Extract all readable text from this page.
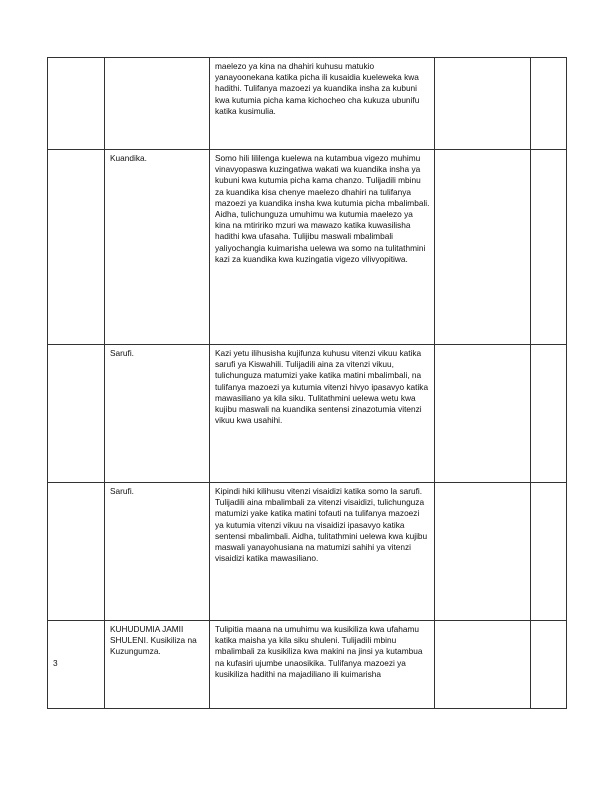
		maelezo ya kina na dhahiri kuhusu matukio yanayoonekana katika picha ili kusaidia kueleweka kwa hadithi. Tulifanya mazoezi ya kuandika insha za kubuni kwa kutumia picha kama kichocheo cha kukuza ubunifu katika kusimulia.		
	Kuandika.	Somo hili lililenga kuelewa na kutambua vigezo muhimu vinavyopaswa kuzingatiwa wakati wa kuandika insha ya kubuni kwa kutumia picha kama chanzo. Tulijadili mbinu za kuandika kisa chenye maelezo dhahiri na tulifanya mazoezi ya kuandika insha kwa kutumia picha mbalimbali. Aidha, tulichunguza umuhimu wa kutumia maelezo ya kina na mtiririko mzuri wa mawazo katika kuwasilisha hadithi kwa ufasaha. Tulijibu maswali mbalimbali yaliyochangia kuimarisha uelewa wa somo na tulitathmini kazi za kuandika kwa kuzingatia vigezo vilivyopitiwa.		
	Sarufi.	Kazi yetu ilihusisha kujifunza kuhusu vitenzi vikuu katika sarufi ya Kiswahili. Tulijadili aina za vitenzi vikuu, tulichunguza matumizi yake katika matini mbalimbali, na tulifanya mazoezi ya kutumia vitenzi hivyo ipasavyo katika mawasiliano ya kila siku. Tulitathmini uelewa wetu kwa kujibu maswali na kuandika sentensi zinazotumia vitenzi vikuu kwa usahihi.		
	Sarufi.	Kipindi hiki kilihusu vitenzi visaidizi katika somo la sarufi. Tulijadili aina mbalimbali za vitenzi visaidizi, tulichunguza matumizi yake katika matini tofauti na tulifanya mazoezi ya kutumia vitenzi vikuu na visaidizi ipasavyo katika sentensi mbalimbali. Aidha, tulitathmini uelewa kwa kujibu maswali yanayohusiana na matumizi sahihi ya vitenzi visaidizi katika mawasiliano.		
3	KUHUDUMIA JAMII SHULENI. Kusikiliza na Kuzungumza.	Tulipitia maana na umuhimu wa kusikiliza kwa ufahamu katika maisha ya kila siku shuleni. Tulijadili mbinu mbalimbali za kusikiliza kwa makini na jinsi ya kutambua na kufasiri ujumbe unaosikika. Tulifanya mazoezi ya kusikiliza hadithi na majadiliano ili kuimarisha		
